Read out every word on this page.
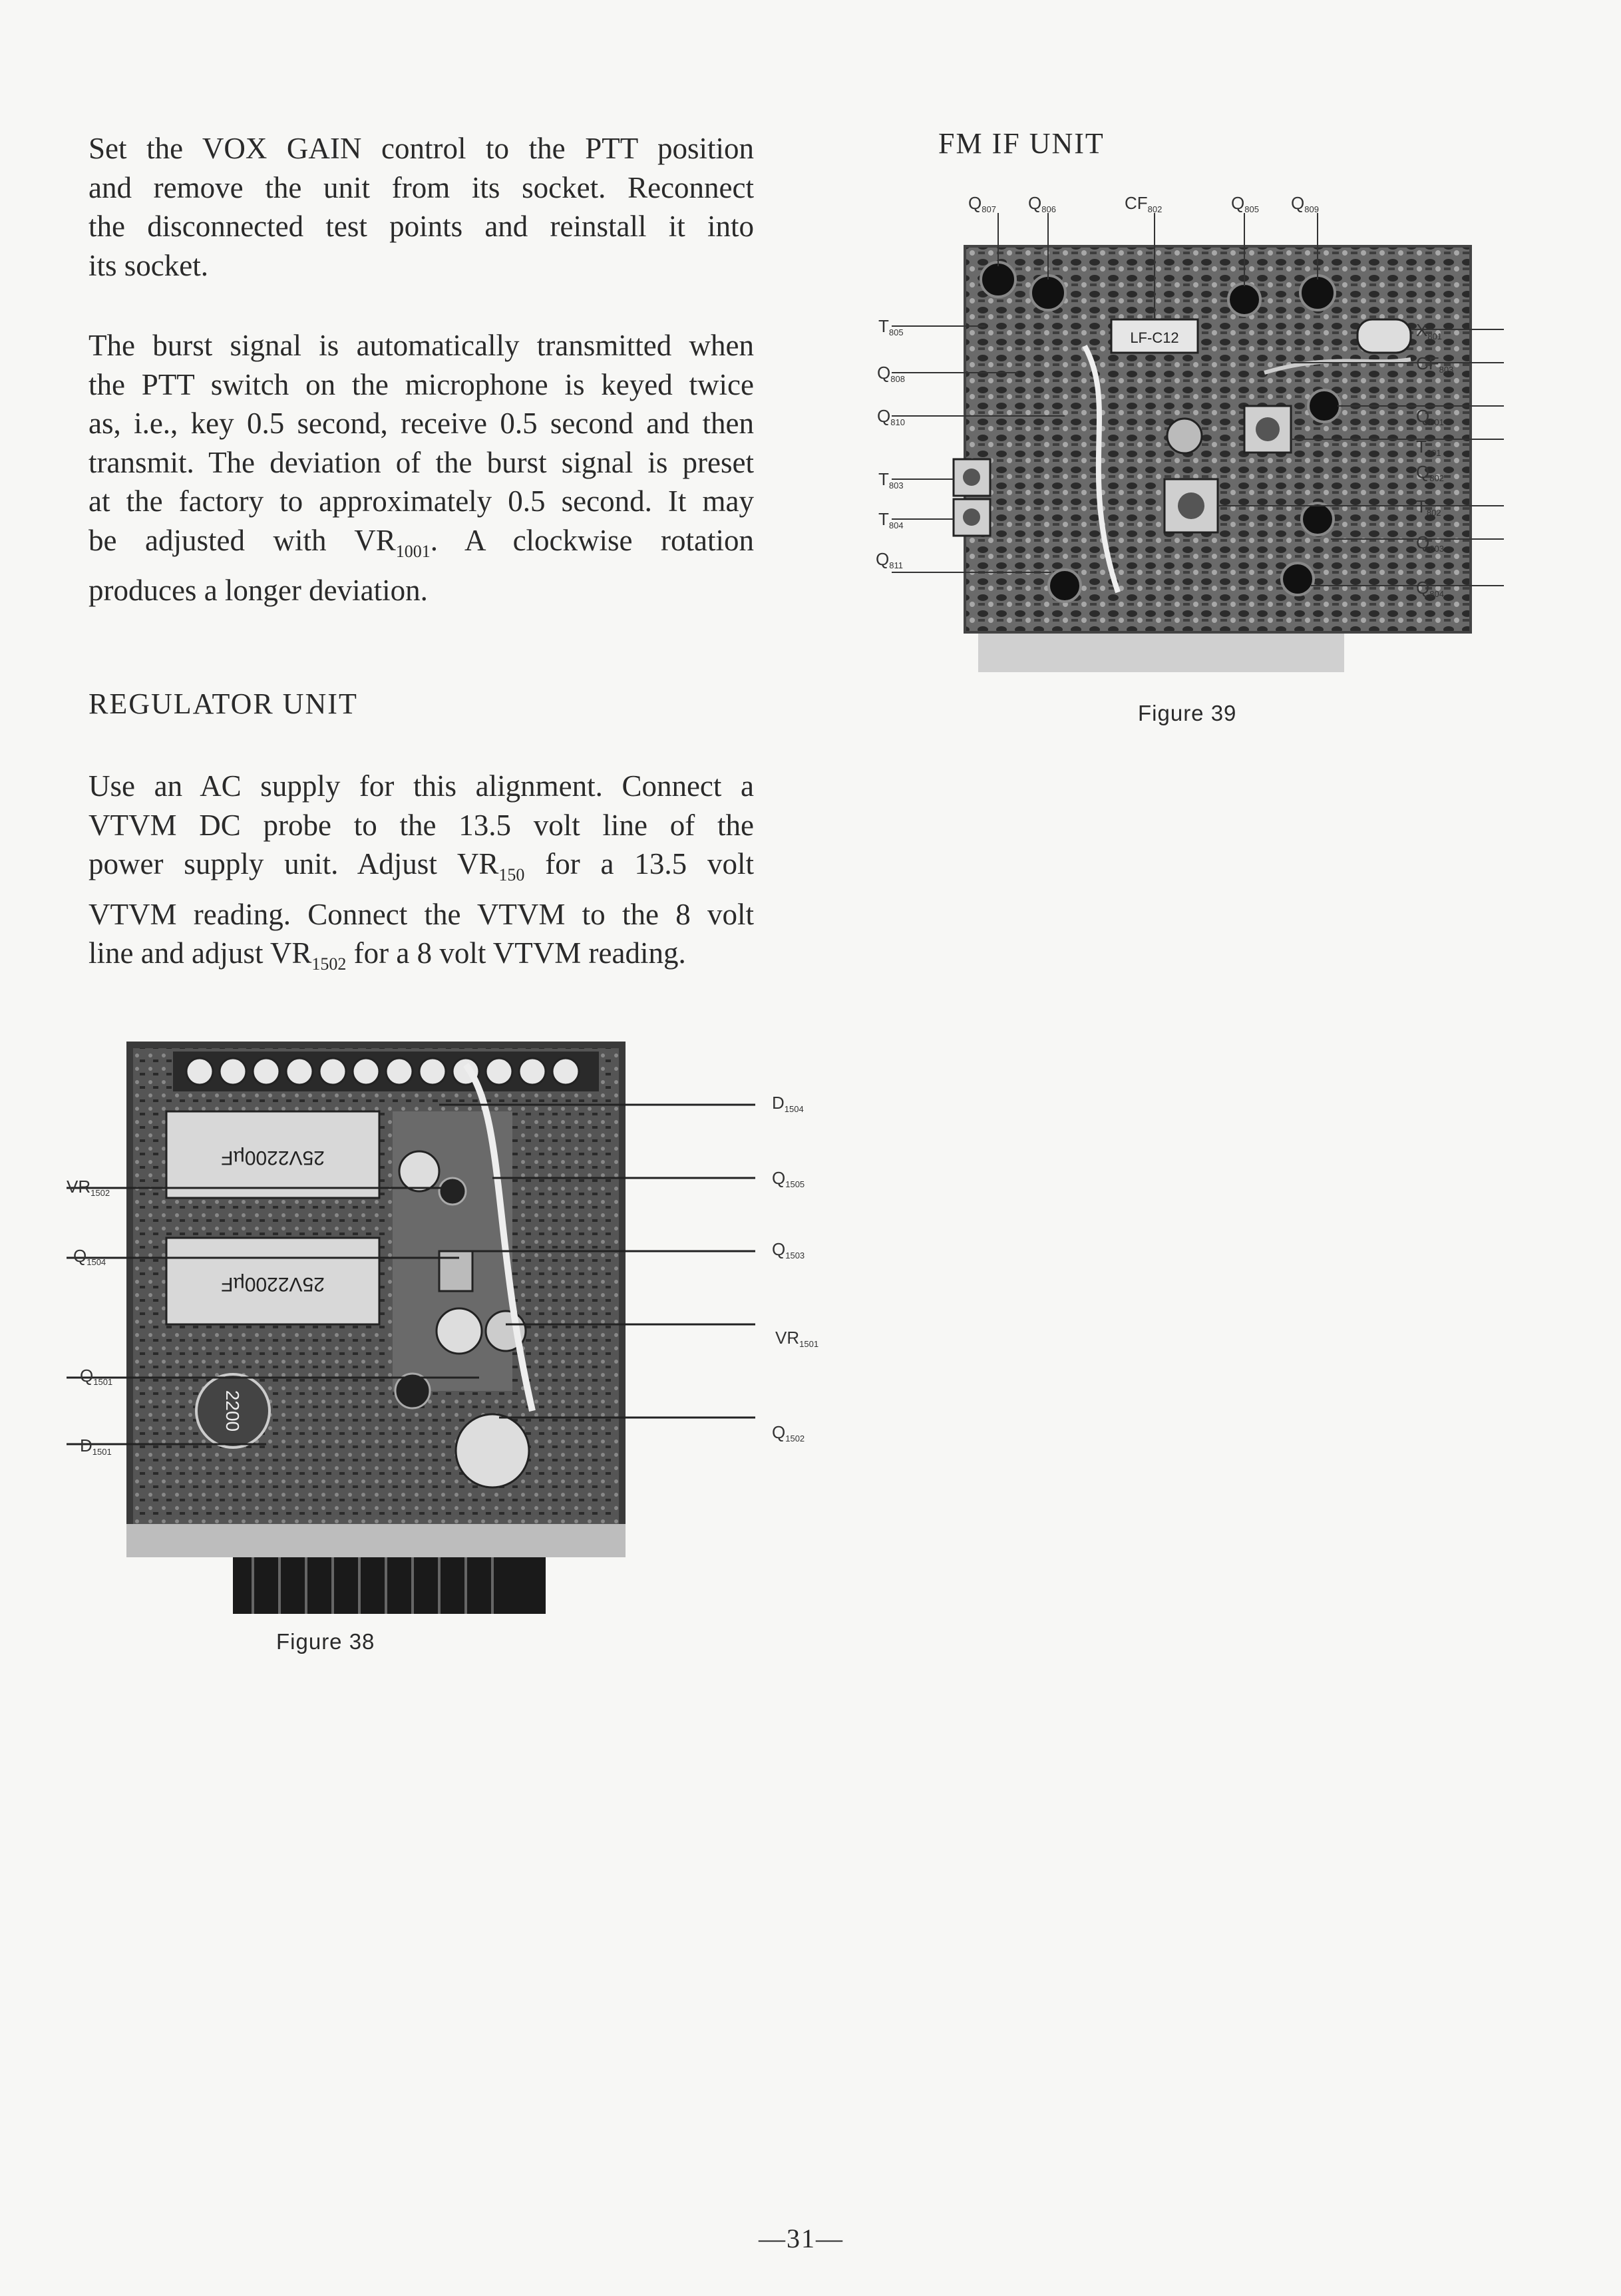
Set the VOX GAIN control to the PTT position
and remove the unit from its socket. Reconnect
the disconnected test points and reinstall it into
its socket.
The burst signal is automatically transmitted when
the PTT switch on the microphone is keyed twice
as, i.e., key 0.5 second, receive 0.5 second and then
transmit. The deviation of the burst signal is preset
at the factory to approximately 0.5 second. It may
be adjusted with $VR_{1001}$. A clockwise rotation
produces a longer deviation.
REGULATOR UNIT
Use an AC supply for this alignment. Connect a
VTVM DC probe to the 13.5 volt line of the
power supply unit. Adjust $VR_{150}$ for a 13.5 volt
VTVM reading. Connect the VTVM to the 8 volt
line and adjust $VR_{1502}$ for a 8 volt VTVM reading.
FM IF UNIT
LF-C12
$Q_{807}$ $Q_{806}$	$CF_{802}$	$Q_{805}$ $Q_{809}$
$T_{805}$
$Q_{808}$
$Q_{810}$
$T_{803}$
$T_{804}$
$Q_{811}$
$X_{801}$
$CF_{803}$
$Q_{801}$
$T_{801}$
$Q_{802}$
$T_{802}$
$Q_{803}$
$Q_{804}$
Figure 39
25V2200µF
25V2200µF
2200
$D_{1504}$
$Q_{1505}$
$Q_{1503}$
$VR_{1501}$
$Q_{1502}$
$VR_{1502}$
$Q_{1504}$
$Q_{1501}$
$D_{1501}$
Figure 38
—31—
